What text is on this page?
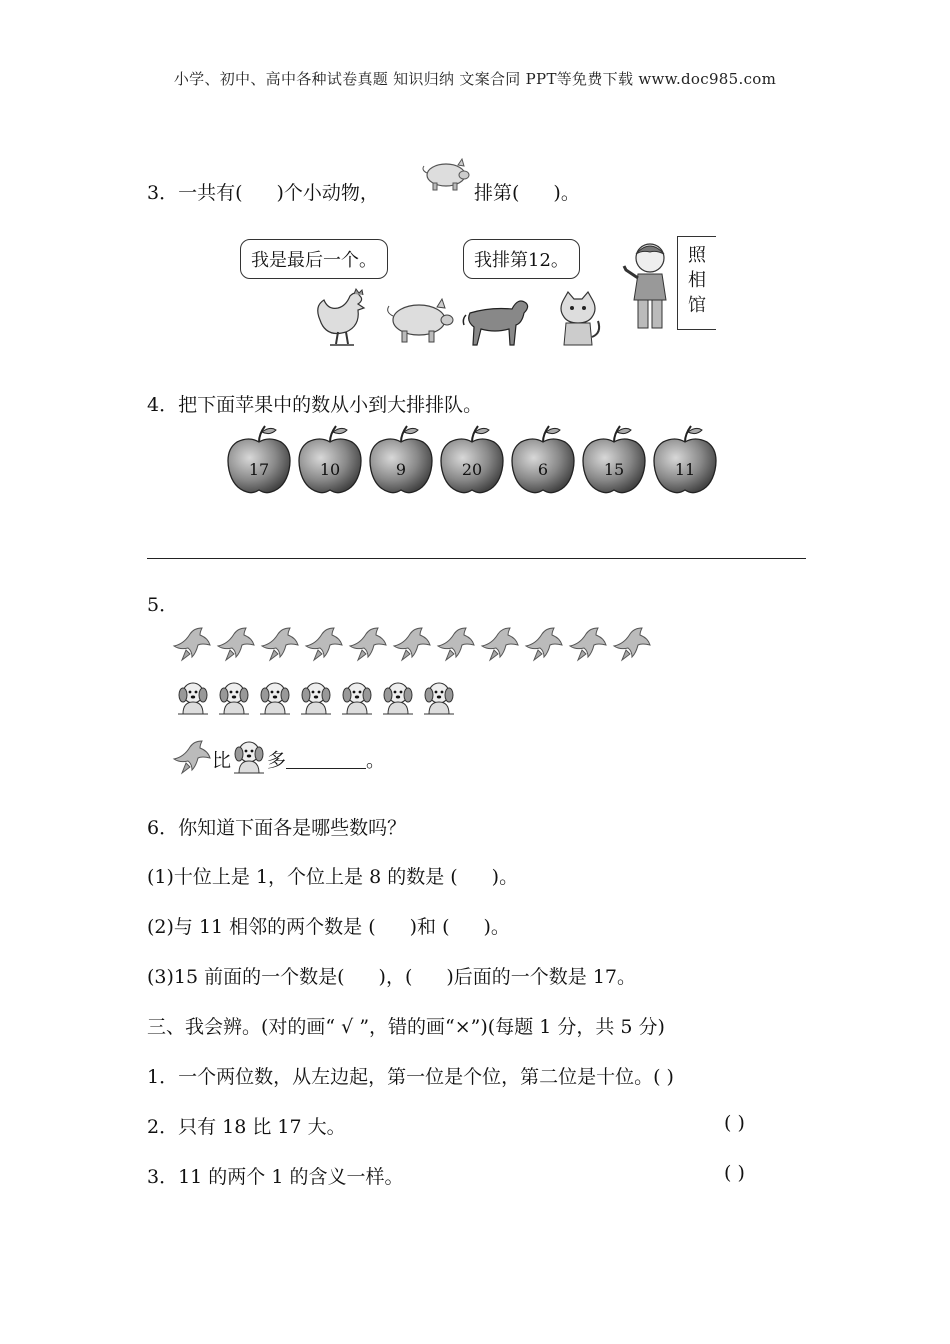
小学、初中、高中各种试卷真题 知识归纳 文案合同 PPT等免费下载 www.doc985.com
3．一共有( )个小动物，	排第( )。
我是最后一个。	我排第12。	照
相
馆
4．把下面苹果中的数从小到大排排队。
17	10	9	20	6	15	11
5．
比 多	。
6．你知道下面各是哪些数吗？
(1)十位上是 1，个位上是 8 的数是 ( )。
(2)与 11 相邻的两个数是 ( )和 ( )。
(3)15 前面的一个数是( )，( )后面的一个数是 17。
三、我会辨。(对的画“ √ ”，错的画“×”)(每题 1 分，共 5 分)
1．一个两位数，从左边起，第一位是个位，第二位是十位。( )
2．只有 18 比 17 大。	( )
3．11 的两个 1 的含义一样。	( )
